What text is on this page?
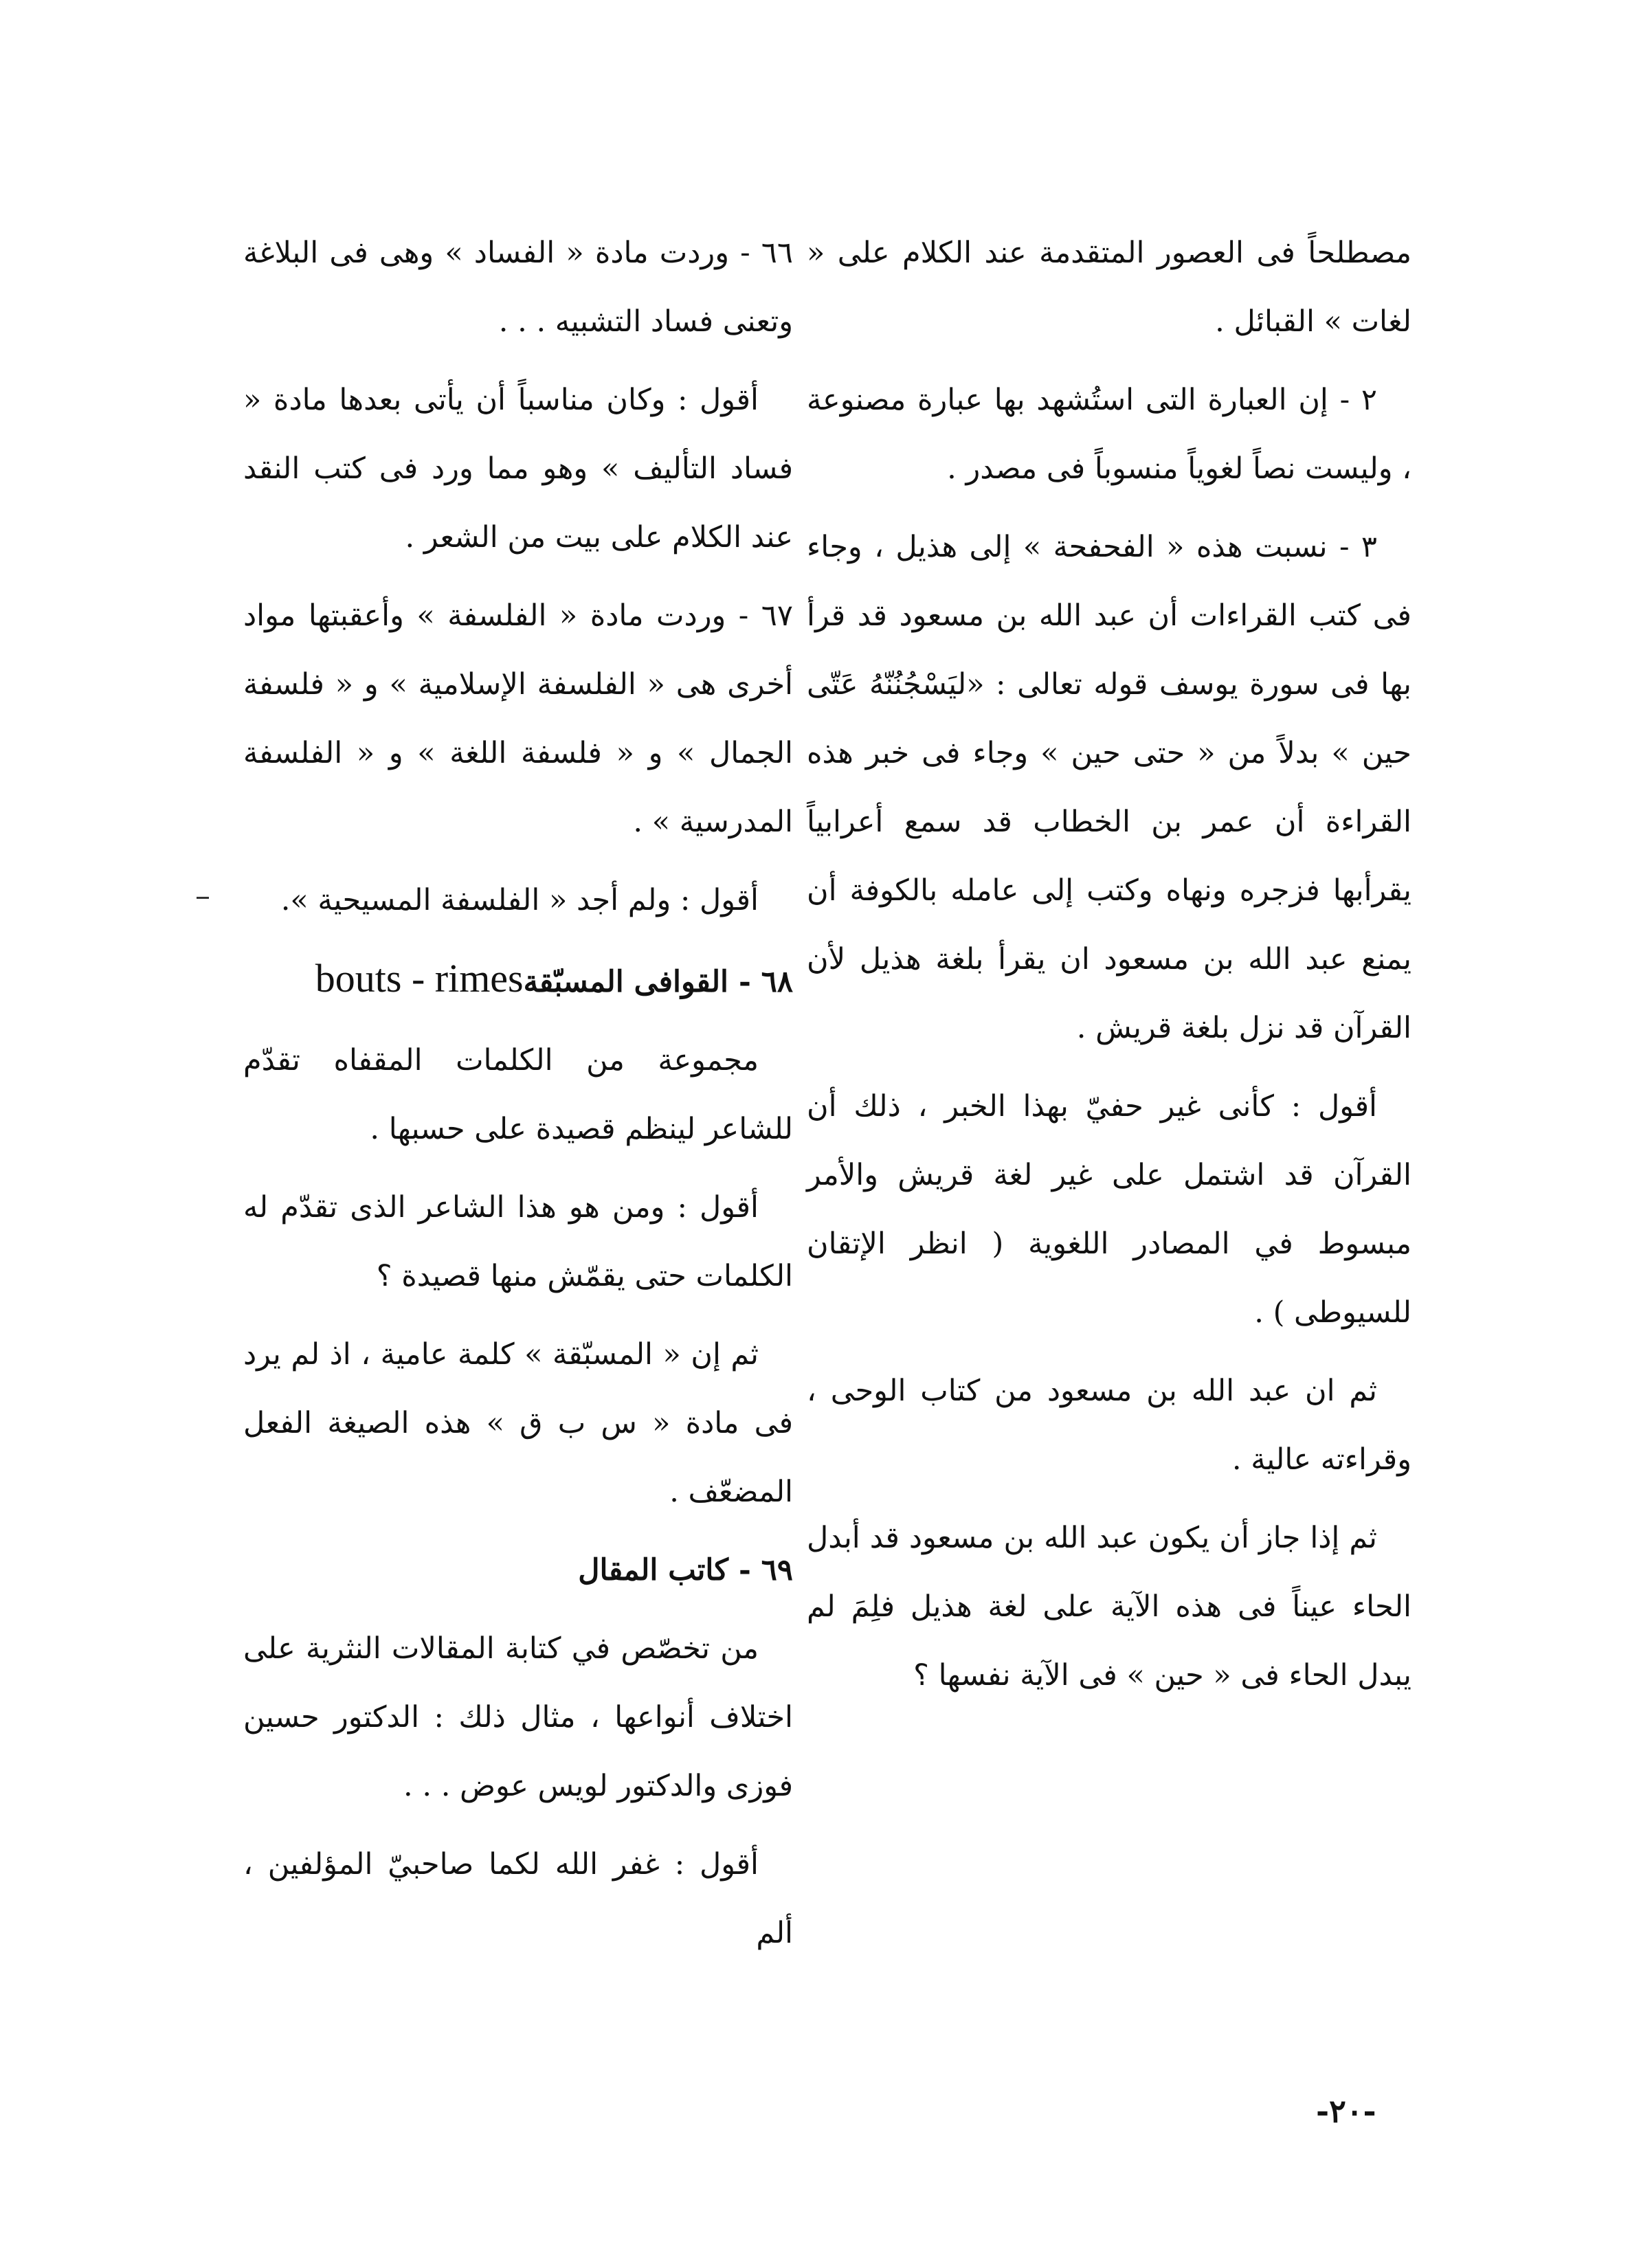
مصطلحاً فى العصور المتقدمة عند الكلام على « لغات » القبائل .

٢ - إن العبارة التى استُشهد بها عبارة مصنوعة ، وليست نصاً لغوياً منسوباً فى مصدر .

٣ - نسبت هذه « الفحفحة » إلى هذيل ، وجاء فى كتب القراءات أن عبد الله بن مسعود قد قرأ بها فى سورة يوسف قوله تعالى : «ليَسْجُنُنّهُ عَتّى حين » بدلاً من « حتى حين » وجاء فى خبر هذه القراءة أن عمر بن الخطاب قد سمع أعرابياً يقرأبها فزجره ونهاه وكتب إلى عامله بالكوفة أن يمنع عبد الله بن مسعود ان يقرأ بلغة هذيل لأن القرآن قد نزل بلغة قريش .

أقول : كأنى غير حفيّ بهذا الخبر ، ذلك أن القرآن قد اشتمل على غير لغة قريش والأمر مبسوط في المصادر اللغوية ( انظر الإتقان للسيوطى ) .

ثم ان عبد الله بن مسعود من كتاب الوحى ، وقراءته عالية .

ثم إذا جاز أن يكون عبد الله بن مسعود قد أبدل الحاء عيناً فى هذه الآية على لغة هذيل فلِمَ لم يبدل الحاء فى « حين » فى الآية نفسها ؟

٦٦ - وردت مادة « الفساد » وهى فى البلاغة وتعنى فساد التشبيه . . .

أقول : وكان مناسباً أن يأتى بعدها مادة « فساد التأليف » وهو مما ورد فى كتب النقد عند الكلام على بيت من الشعر .

٦٧ - وردت مادة « الفلسفة » وأعقبتها مواد أخرى هى « الفلسفة الإسلامية » و « فلسفة الجمال » و « فلسفة اللغة » و « الفلسفة المدرسية » .

أقول : ولم أجد « الفلسفة المسيحية ».

٦٨ - القوافى المسبّقةbouts - rimes

مجموعة من الكلمات المقفاه تقدّم للشاعر لينظم قصيدة على حسبها .

أقول : ومن هو هذا الشاعر الذى تقدّم له الكلمات حتى يقمّش منها قصيدة ؟

ثم إن « المسبّقة » كلمة عامية ، اذ لم يرد فى مادة « س ب ق » هذه الصيغة الفعل المضعّف .

٦٩ - كاتب المقال

من تخصّص في كتابة المقالات النثرية على اختلاف أنواعها ، مثال ذلك : الدكتور حسين فوزى والدكتور لويس عوض . . .

أقول : غفر الله لكما صاحبيّ المؤلفين ، ألم

-٢٠-
